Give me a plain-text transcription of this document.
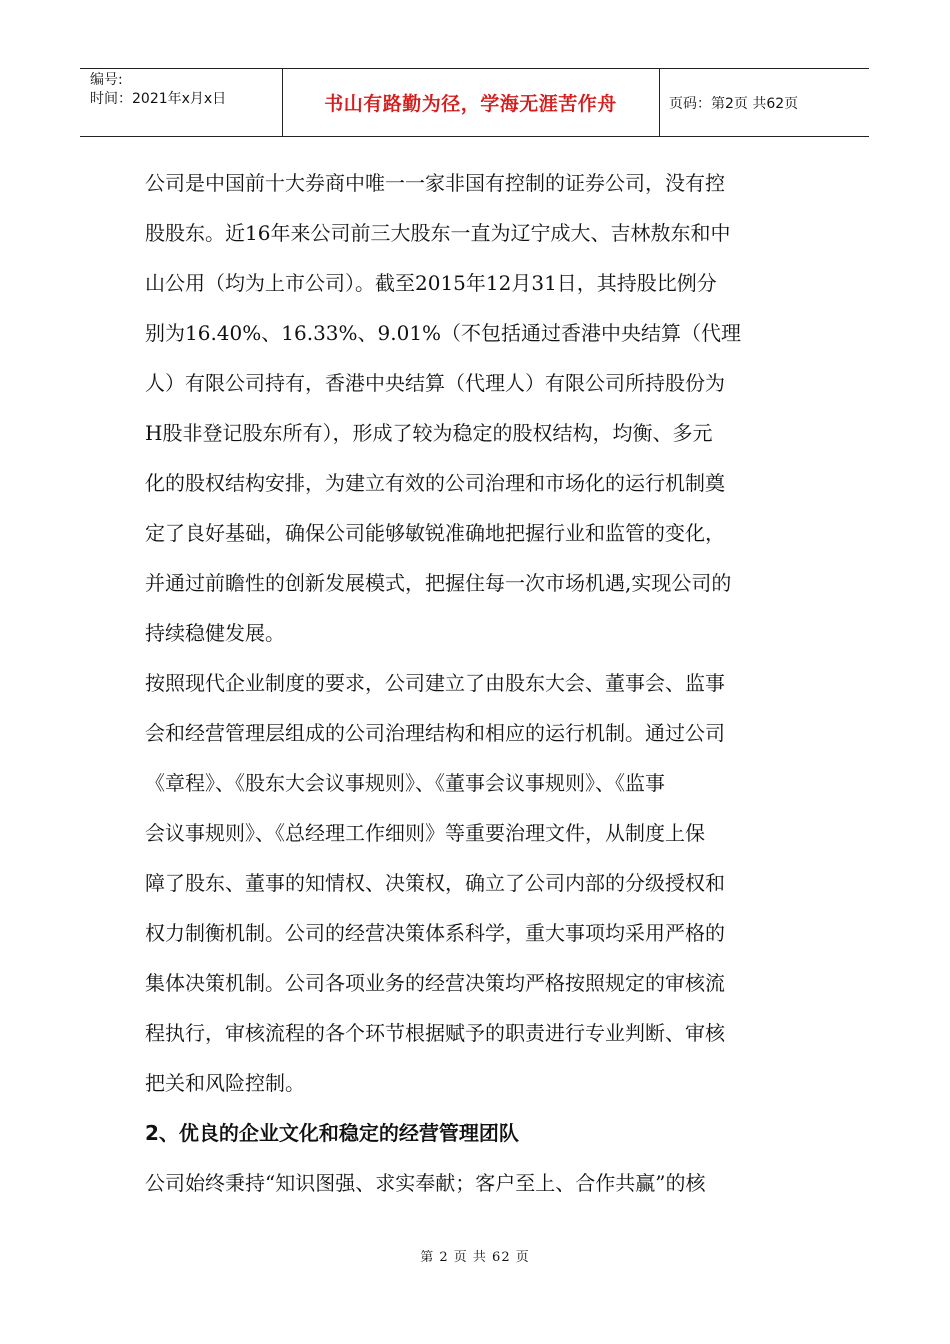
编号:
时间：2021年x月x日	书山有路勤为径，学海无涯苦作舟	页码：第2页 共62页
公司是中国前十大券商中唯一一家非国有控制的证券公司，没有控
股股东。近16年来公司前三大股东一直为辽宁成大、吉林敖东和中
山公用（均为上市公司）。截至2015年12月31日，其持股比例分
别为16.40%、16.33%、9.01%（不包括通过香港中央结算（代理
人）有限公司持有，香港中央结算（代理人）有限公司所持股份为
H股非登记股东所有），形成了较为稳定的股权结构，均衡、多元
化的股权结构安排，为建立有效的公司治理和市场化的运行机制奠
定了良好基础，确保公司能够敏锐准确地把握行业和监管的变化，
并通过前瞻性的创新发展模式，把握住每一次市场机遇,实现公司的
持续稳健发展。
按照现代企业制度的要求，公司建立了由股东大会、董事会、监事
会和经营管理层组成的公司治理结构和相应的运行机制。通过公司
《章程》、《股东大会议事规则》、《董事会议事规则》、《监事
会议事规则》、《总经理工作细则》等重要治理文件，从制度上保
障了股东、董事的知情权、决策权，确立了公司内部的分级授权和
权力制衡机制。公司的经营决策体系科学，重大事项均采用严格的
集体决策机制。公司各项业务的经营决策均严格按照规定的审核流
程执行，审核流程的各个环节根据赋予的职责进行专业判断、审核
把关和风险控制。
2、优良的企业文化和稳定的经营管理团队
公司始终秉持“知识图强、求实奉献；客户至上、合作共赢”的核
第 2 页 共 62 页
